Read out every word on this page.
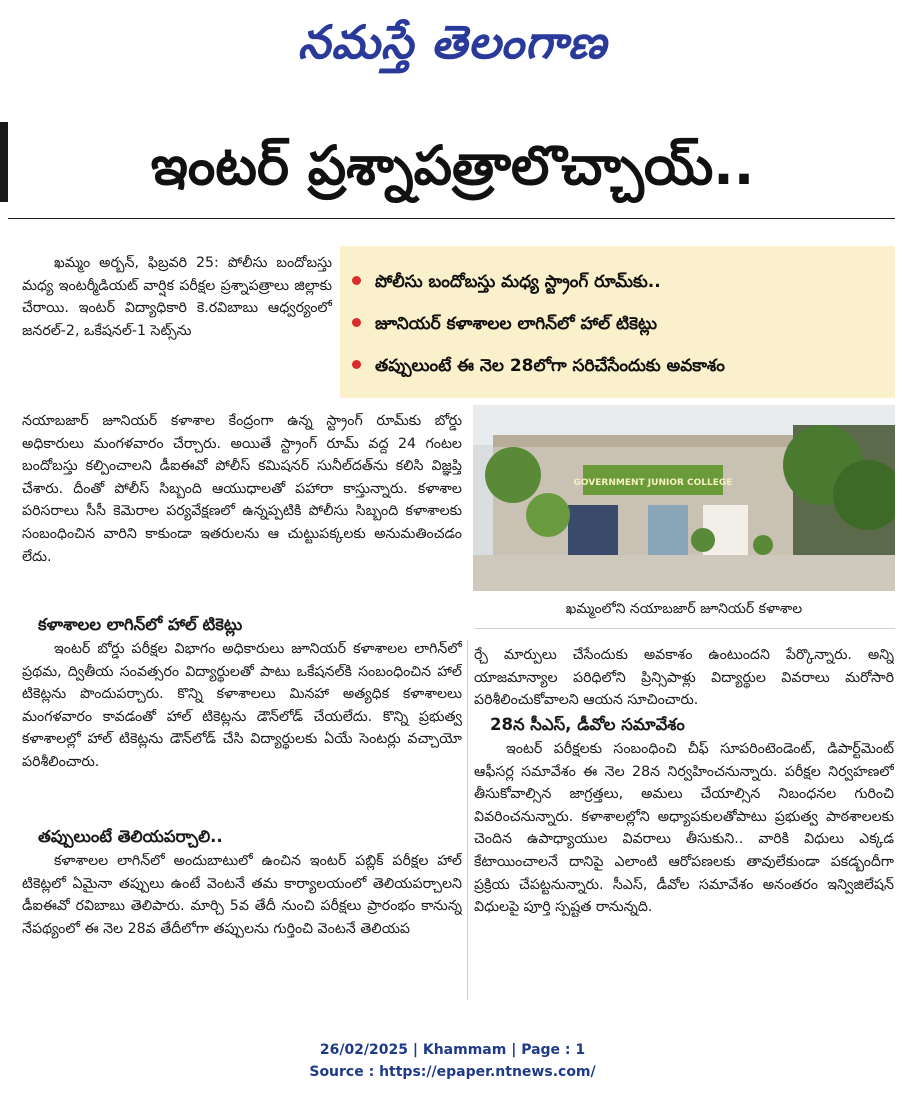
నమస్తే తెలంగాణ
ఇంటర్ ప్రశ్నాపత్రాలొచ్చాయ్..

ఖమ్మం అర్బన్, ఫిబ్రవరి 25: పోలీసు బందోబస్తు మధ్య ఇంటర్మీడియట్ వార్షిక పరీక్షల ప్రశ్నాపత్రాలు జిల్లాకు చేరాయి. ఇంటర్ విద్యాధికారి కె.రవిబాబు ఆధ్వర్యంలో జనరల్-2, ఒకేషనల్-1 సెట్స్‌ను

నయాబజార్ జూనియర్ కళాశాల కేంద్రంగా ఉన్న స్ట్రాంగ్ రూమ్‌కు బోర్డు అధికారులు మంగళవారం చేర్చారు. అయితే స్ట్రాంగ్ రూమ్ వద్ద 24 గంటల బందోబస్తు కల్పించాలని డీఐఈవో పోలీస్ కమిషనర్ సునీల్‌దత్‌ను కలిసి విజ్ఞప్తి చేశారు. దీంతో పోలీస్ సిబ్బంది ఆయుధాలతో పహారా కాస్తున్నారు. కళాశాల పరిసరాలు సీసీ కెమెరాల పర్యవేక్షణలో ఉన్నప్పటికి పోలీసు సిబ్బంది కళాశాలకు సంబంధించిన వారిని కాకుండా ఇతరులను ఆ చుట్టుపక్కలకు అనుమతించడం లేదు.

కళాశాలల లాగిన్‌లో హాల్ టికెట్లు

ఇంటర్ బోర్డు పరీక్షల విభాగం అధికారులు జూనియర్ కళాశాలల లాగిన్‌లో ప్రథమ, ద్వితీయ సంవత్సరం విద్యార్థులతో పాటు ఒకేషనల్‌కి సంబంధించిన హాల్ టికెట్లను పొందుపర్చారు. కొన్ని కళాశాలలు మినహా అత్యధిక కళాశాలలు మంగళవారం కావడంతో హాల్ టికెట్లను డౌన్‌లోడ్ చేయలేదు. కొన్ని ప్రభుత్వ కళాశాలల్లో హాల్ టికెట్లను డౌన్‌లోడ్ చేసి విద్యార్థులకు ఏయే సెంటర్లు వచ్చాయో పరిశీలించారు.

తప్పులుంటే తెలియపర్చాలి..

కళాశాలల లాగిన్‌లో అందుబాటులో ఉంచిన ఇంటర్ పబ్లిక్ పరీక్షల హాల్ టికెట్లలో ఏమైనా తప్పులు ఉంటే వెంటనే తమ కార్యాలయంలో తెలియపర్చాలని డీఐఈవో రవిబాబు తెలిపారు. మార్చి 5వ తేదీ నుంచి పరీక్షలు ప్రారంభం కానున్న నేపథ్యంలో ఈ నెల 28వ తేదీలోగా తప్పులను గుర్తించి వెంటనే తెలియప

పోలీసు బందోబస్తు మధ్య స్ట్రాంగ్ రూమ్‌కు..
జూనియర్ కళాశాలల లాగిన్‌లో హాల్ టికెట్లు
తప్పులుంటే ఈ నెల 28లోగా సరిచేసేందుకు అవకాశం
GOVERNMENT JUNIOR COLLEGE
ఖమ్మంలోని నయాబజార్ జూనియర్ కళాశాల

ర్చే మార్పులు చేసేందుకు అవకాశం ఉంటుందని పేర్కొన్నారు. అన్ని యాజమాన్యాల పరిధిలోని ప్రిన్సిపాళ్లు విద్యార్థుల వివరాలు మరోసారి పరిశీలించుకోవాలని ఆయన సూచించారు.

28న సీఎస్, డీవోల సమావేశం

ఇంటర్ పరీక్షలకు సంబంధించి చీఫ్ సూపరింటెండెంట్, డిపార్ట్‌మెంట్ ఆఫీసర్ల సమావేశం ఈ నెల 28న నిర్వహించనున్నారు. పరీక్షల నిర్వహణలో తీసుకోవాల్సిన జాగ్రత్తలు, అమలు చేయాల్సిన నిబంధనల గురించి వివరించనున్నారు. కళాశాలల్లోని అధ్యాపకులతోపాటు ప్రభుత్వ పాఠశాలలకు చెందిన ఉపాధ్యాయుల వివరాలు తీసుకుని.. వారికి విధులు ఎక్కడ కేటాయించాలనే దానిపై ఎలాంటి ఆరోపణలకు తావులేకుండా పకడ్బందీగా ప్రక్రియ చేపట్టనున్నారు. సీఎస్, డీవోల సమావేశం అనంతరం ఇన్విజిలేషన్ విధులపై పూర్తి స్పష్టత రానున్నది.

26/02/2025 | Khammam | Page : 1
Source : https://epaper.ntnews.com/
